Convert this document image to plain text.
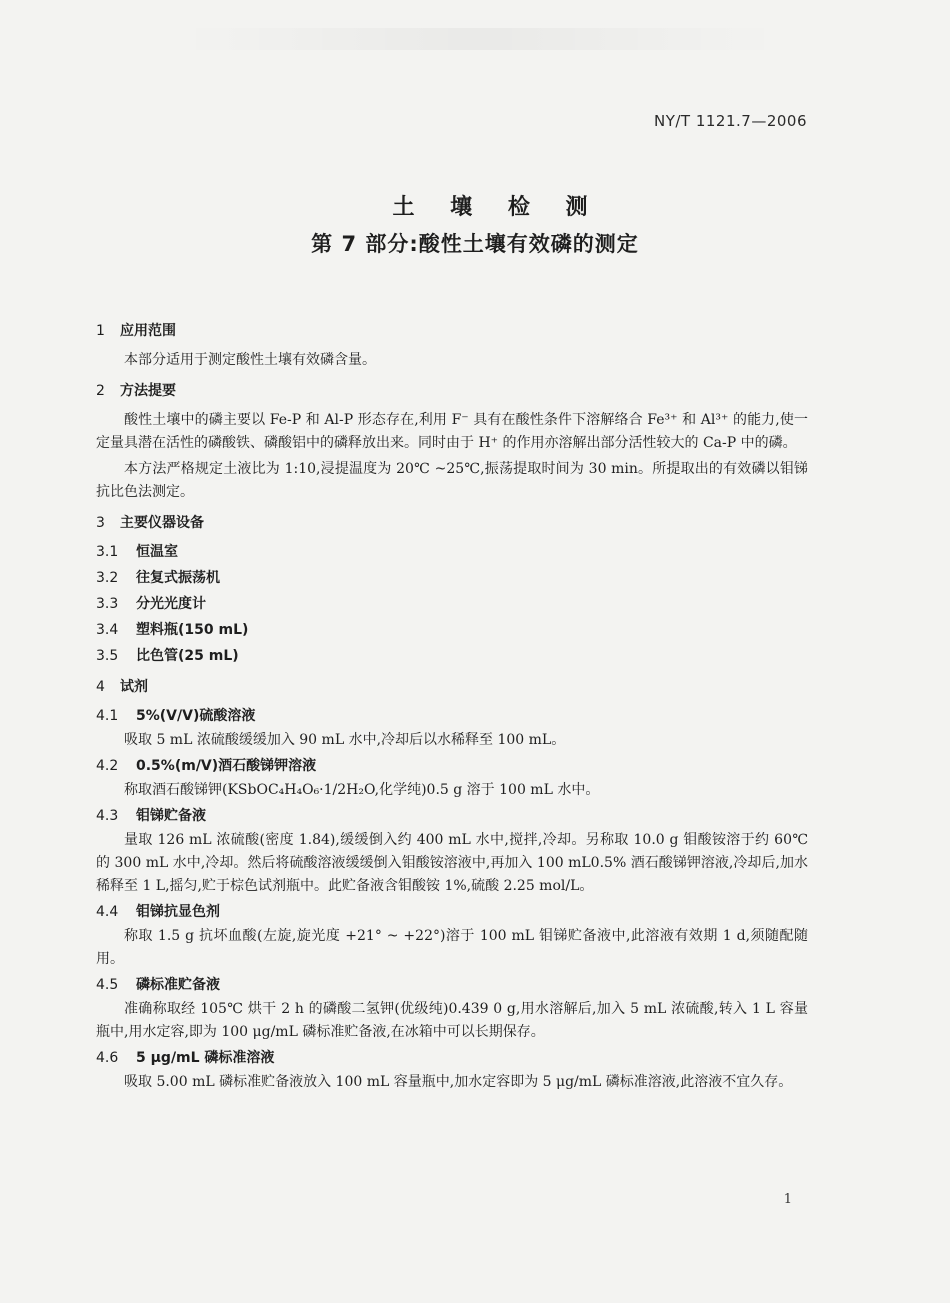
NY/T 1121.7—2006
土 壤 检 测
第 7 部分:酸性土壤有效磷的测定
1 应用范围

本部分适用于测定酸性土壤有效磷含量。

2 方法提要

酸性土壤中的磷主要以 Fe-P 和 Al-P 形态存在,利用 F⁻ 具有在酸性条件下溶解络合 Fe³⁺ 和 Al³⁺ 的能力,使一定量具潜在活性的磷酸铁、磷酸铝中的磷释放出来。同时由于 H⁺ 的作用亦溶解出部分活性较大的 Ca-P 中的磷。

本方法严格规定土液比为 1:10,浸提温度为 20℃ ~25℃,振荡提取时间为 30 min。所提取出的有效磷以钼锑抗比色法测定。

3 主要仪器设备
3.1 恒温室
3.2 往复式振荡机
3.3 分光光度计
3.4 塑料瓶(150 mL)
3.5 比色管(25 mL)
4 试剂
4.1 5%(V/V)硫酸溶液

吸取 5 mL 浓硫酸缓缓加入 90 mL 水中,冷却后以水稀释至 100 mL。

4.2 0.5%(m/V)酒石酸锑钾溶液

称取酒石酸锑钾(KSbOC₄H₄O₆·1/2H₂O,化学纯)0.5 g 溶于 100 mL 水中。

4.3 钼锑贮备液

量取 126 mL 浓硫酸(密度 1.84),缓缓倒入约 400 mL 水中,搅拌,冷却。另称取 10.0 g 钼酸铵溶于约 60℃ 的 300 mL 水中,冷却。然后将硫酸溶液缓缓倒入钼酸铵溶液中,再加入 100 mL0.5% 酒石酸锑钾溶液,冷却后,加水稀释至 1 L,摇匀,贮于棕色试剂瓶中。此贮备液含钼酸铵 1%,硫酸 2.25 mol/L。

4.4 钼锑抗显色剂

称取 1.5 g 抗坏血酸(左旋,旋光度 +21° ~ +22°)溶于 100 mL 钼锑贮备液中,此溶液有效期 1 d,须随配随用。

4.5 磷标准贮备液

准确称取经 105℃ 烘干 2 h 的磷酸二氢钾(优级纯)0.439 0 g,用水溶解后,加入 5 mL 浓硫酸,转入 1 L 容量瓶中,用水定容,即为 100 μg/mL 磷标准贮备液,在冰箱中可以长期保存。

4.6 5 μg/mL 磷标准溶液

吸取 5.00 mL 磷标准贮备液放入 100 mL 容量瓶中,加水定容即为 5 μg/mL 磷标准溶液,此溶液不宜久存。

1
